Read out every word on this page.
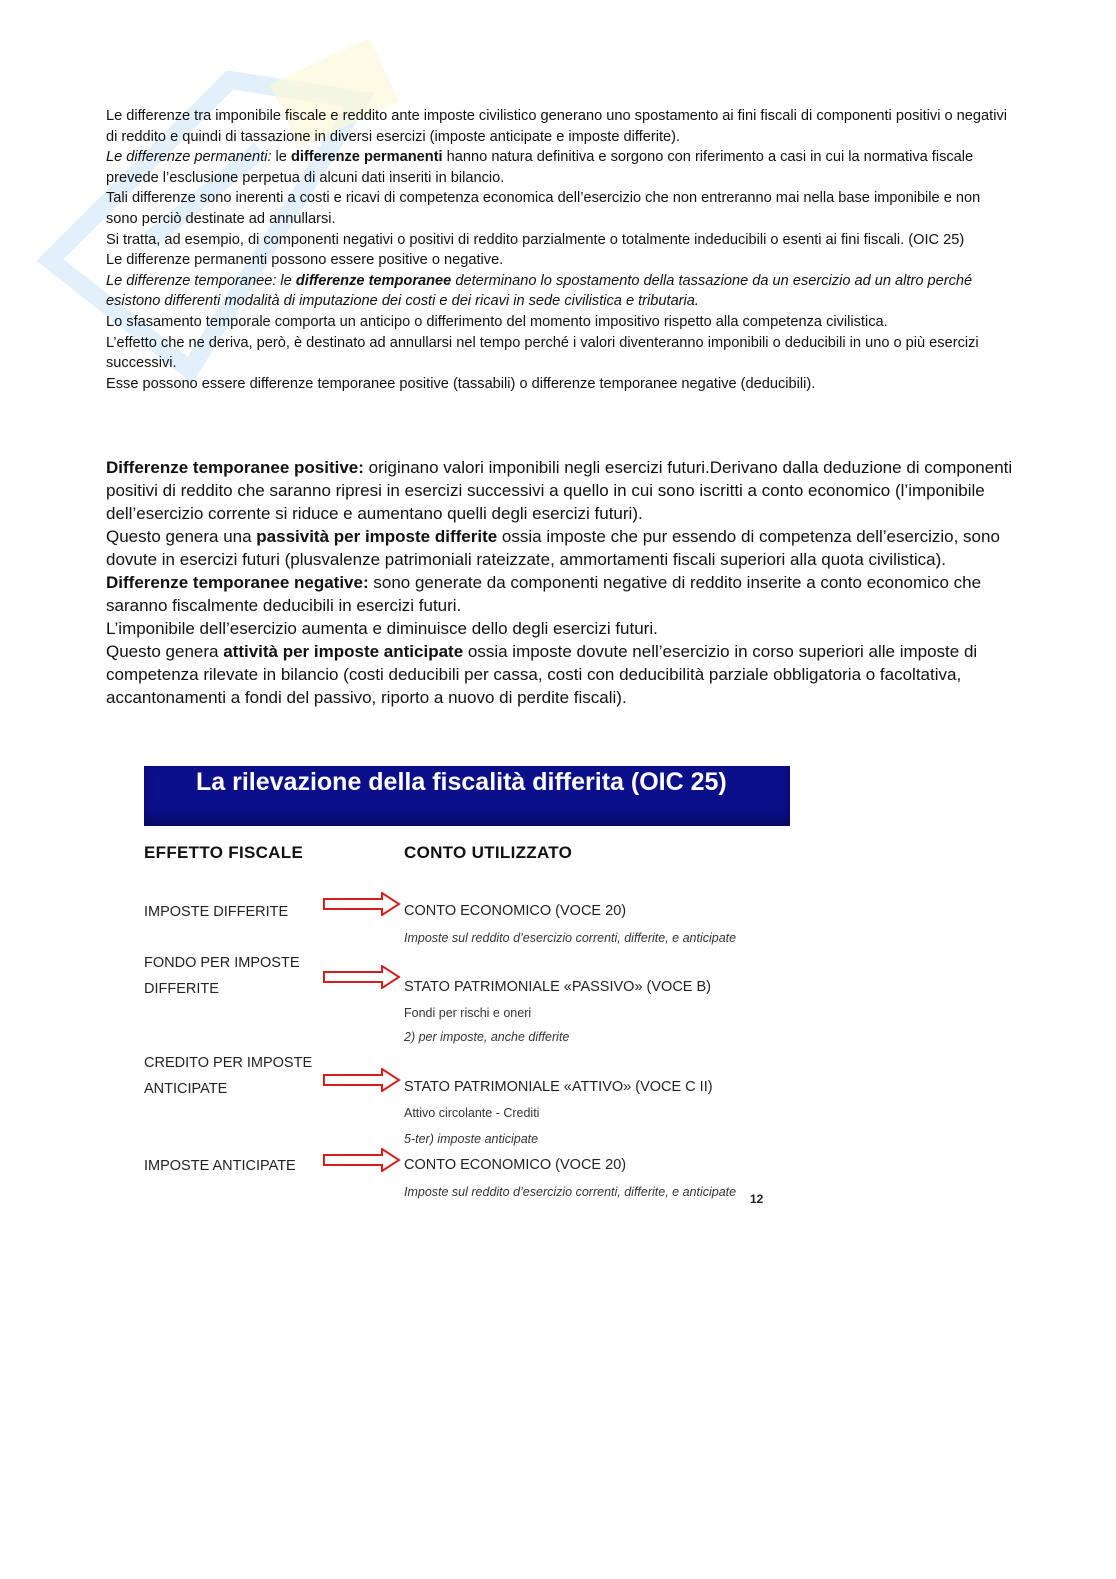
Le differenze tra imponibile fiscale e reddito ante imposte civilistico generano uno spostamento ai fini fiscali di componenti positivi o negativi di reddito e quindi di tassazione in diversi esercizi (imposte anticipate e imposte differite).

Le differenze permanenti: le differenze permanenti hanno natura definitiva e sorgono con riferimento a casi in cui la normativa fiscale prevede l’esclusione perpetua di alcuni dati inseriti in bilancio.

Tali differenze sono inerenti a costi e ricavi di competenza economica dell’esercizio che non entreranno mai nella base imponibile e non sono perciò destinate ad annullarsi.

Si tratta, ad esempio, di componenti negativi o positivi di reddito parzialmente o totalmente indeducibili o esenti ai fini fiscali. (OIC 25)

Le differenze permanenti possono essere positive o negative.

Le differenze temporanee: le differenze temporanee determinano lo spostamento della tassazione da un esercizio ad un altro perché esistono differenti modalità di imputazione dei costi e dei ricavi in sede civilistica e tributaria.

Lo sfasamento temporale comporta un anticipo o differimento del momento impositivo rispetto alla competenza civilistica.

L’effetto che ne deriva, però, è destinato ad annullarsi nel tempo perché i valori diventeranno imponibili o deducibili in uno o più esercizi successivi.

Esse possono essere differenze temporanee positive (tassabili) o differenze temporanee negative (deducibili).

Differenze temporanee positive: originano valori imponibili negli esercizi futuri.Derivano dalla deduzione di componenti positivi di reddito che saranno ripresi in esercizi successivi a quello in cui sono iscritti a conto economico (l’imponibile dell’esercizio corrente si riduce e aumentano quelli degli esercizi futuri).

Questo genera una passività per imposte differite ossia imposte che pur essendo di competenza dell’esercizio, sono dovute in esercizi futuri (plusvalenze patrimoniali rateizzate, ammortamenti fiscali superiori alla quota civilistica).

Differenze temporanee negative: sono generate da componenti negative di reddito inserite a conto economico che saranno fiscalmente deducibili in esercizi futuri.

L’imponibile dell’esercizio aumenta e diminuisce dello degli esercizi futuri.

Questo genera attività per imposte anticipate ossia imposte dovute nell’esercizio in corso superiori alle imposte di competenza rilevate in bilancio (costi deducibili per cassa, costi con deducibilità parziale obbligatoria o facoltativa, accantonamenti a fondi del passivo, riporto a nuovo di perdite fiscali).

La rilevazione della fiscalità differita (OIC 25)
EFFETTO FISCALE	CONTO UTILIZZATO
IMPOSTE DIFFERITE	CONTO ECONOMICO (VOCE 20)
Imposte sul reddito d’esercizio correnti, differite, e anticipate
FONDO PER IMPOSTE
DIFFERITE	STATO PATRIMONIALE «PASSIVO» (VOCE B)
Fondi per rischi e oneri
2) per imposte, anche differite
CREDITO PER IMPOSTE
ANTICIPATE	STATO PATRIMONIALE «ATTIVO» (VOCE C II)
Attivo circolante - Crediti
5-ter) imposte anticipate
IMPOSTE ANTICIPATE	CONTO ECONOMICO (VOCE 20)
Imposte sul reddito d’esercizio correnti, differite, e anticipate 12
